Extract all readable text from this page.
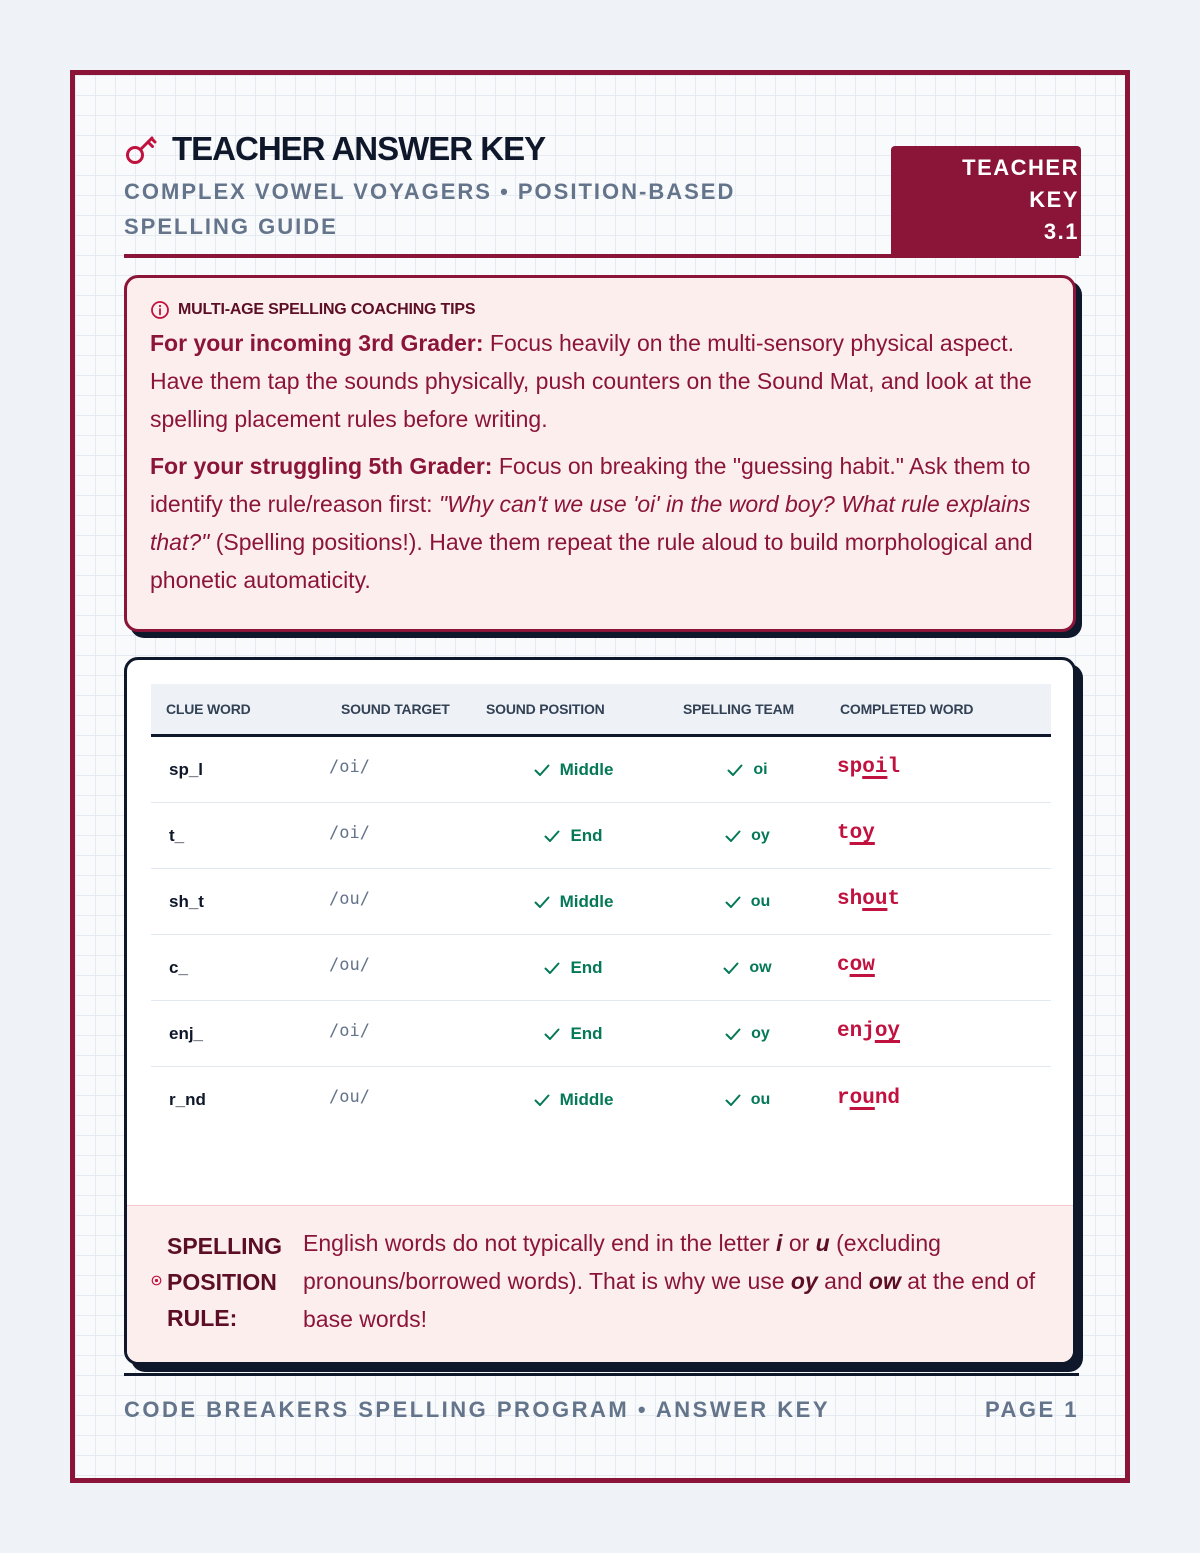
TEACHER ANSWER KEY
COMPLEX VOWEL VOYAGERS • POSITION-BASED SPELLING GUIDE
TEACHER KEY
3.1
MULTI-AGE SPELLING COACHING TIPS

For your incoming 3rd Grader: Focus heavily on the multi-sensory physical aspect. Have them tap the sounds physically, push counters on the Sound Mat, and look at the spelling placement rules before writing.

For your struggling 5th Grader: Focus on breaking the "guessing habit." Ask them to identify the rule/reason first: "Why can't we use 'oi' in the word boy? What rule explains that?" (Spelling positions!). Have them repeat the rule aloud to build morphological and phonetic automaticity.

CLUE WORD	SOUND TARGET	SOUND POSITION	SPELLING TEAM	COMPLETED WORD
sp_l	/oi/	Middle	oi	spoil
t_	/oi/	End	oy	toy
sh_t	/ou/	Middle	ou	shout
c_	/ou/	End	ow	cow
enj_	/oi/	End	oy	enjoy
r_nd	/ou/	Middle	ou	round
SPELLING
POSITION
RULE:
English words do not typically end in the letter i or u (excluding pronouns/borrowed words). That is why we use oy and ow at the end of base words!
CODE BREAKERS SPELLING PROGRAM • ANSWER KEY	PAGE 1
